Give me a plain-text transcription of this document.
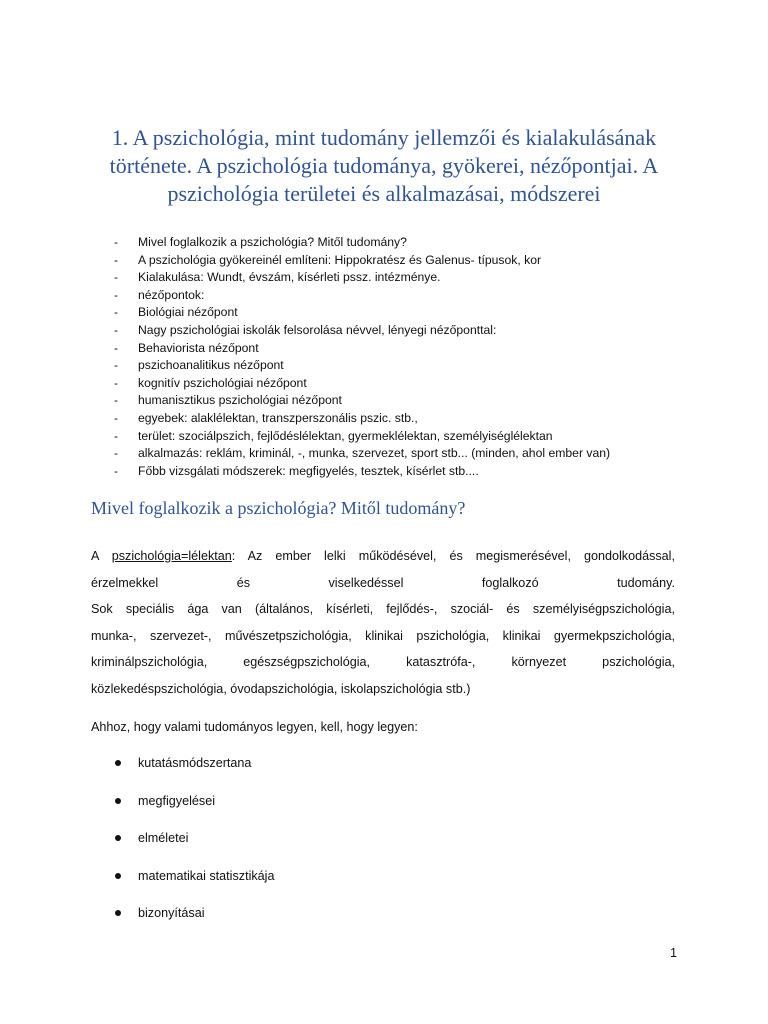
1. A pszichológia, mint tudomány jellemzői és kialakulásának
története. A pszichológia tudománya, gyökerei, nézőpontjai. A
pszichológia területei és alkalmazásai, módszerei
- Mivel foglalkozik a pszichológia? Mitől tudomány?
- A pszichológia gyökereinél említeni: Hippokratész és Galenus- típusok, kor
- Kialakulása: Wundt, évszám, kísérleti pssz. intézménye.
- nézőpontok:
- Biológiai nézőpont
- Nagy pszichológiai iskolák felsorolása névvel, lényegi nézőponttal:
- Behaviorista nézőpont
- pszichoanalitikus nézőpont
- kognitív pszichológiai nézőpont
- humanisztikus pszichológiai nézőpont
- egyebek: alaklélektan, transzperszonális pszic. stb.,
- terület: szociálpszich, fejlődéslélektan, gyermeklélektan, személyiséglélektan
- alkalmazás: reklám, kriminál, -, munka, szervezet, sport stb... (minden, ahol ember van)
- Főbb vizsgálati módszerek: megfigyelés, tesztek, kísérlet stb....
Mivel foglalkozik a pszichológia? Mitől tudomány?
A pszichológia=lélektan: Az ember lelki működésével, és megismerésével, gondolkodással,
érzelmekkel és viselkedéssel foglalkozó tudomány.
Sok speciális ága van (általános, kísérleti, fejlődés-, szociál- és személyiségpszichológia,
munka-, szervezet-, művészetpszichológia, klinikai pszichológia, klinikai gyermekpszichológia,
kriminálpszichológia, egészségpszichológia, katasztrófa-, környezet pszichológia,
közlekedéspszichológia, óvodapszichológia, iskolapszichológia stb.)

Ahhoz, hogy valami tudományos legyen, kell, hogy legyen:

kutatásmódszertana
megfigyelései
elméletei
matematikai statisztikája
bizonyításai

1
